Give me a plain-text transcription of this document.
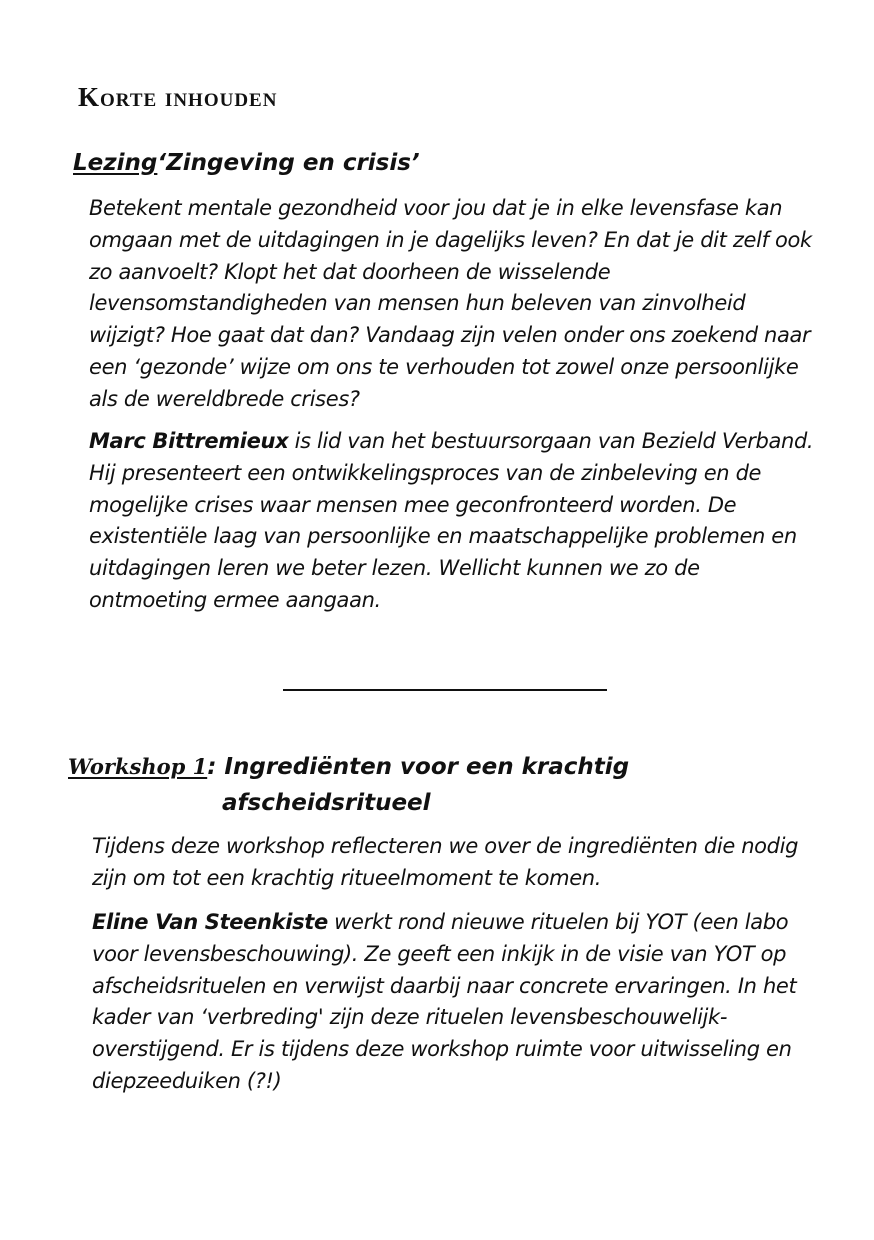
Korte inhouden
Lezing‘Zingeving en crisis’

Betekent mentale gezondheid voor jou dat je in elke levensfase kan omgaan met de uitdagingen in je dagelijks leven? En dat je dit zelf ook zo aanvoelt? Klopt het dat doorheen de wisselende levensomstandigheden van mensen hun beleven van zinvolheid wijzigt? Hoe gaat dat dan? Vandaag zijn velen onder ons zoekend naar een ‘gezonde’ wijze om ons te verhouden tot zowel onze persoonlijke als de wereldbrede crises?

Marc Bittremieux is lid van het bestuursorgaan van Bezield Verband. Hij presenteert een ontwikkelingsproces van de zinbeleving en de mogelijke crises waar mensen mee geconfronteerd worden. De existentiële laag van persoonlijke en maatschappelijke problemen en uitdagingen leren we beter lezen. Wellicht kunnen we zo de ontmoeting ermee aangaan.

Workshop 1: Ingrediënten voor een krachtig
afscheidsritueel

Tijdens deze workshop reflecteren we over de ingrediënten die nodig zijn om tot een krachtig ritueelmoment te komen.

Eline Van Steenkiste werkt rond nieuwe rituelen bij YOT (een labo voor levensbeschouwing). Ze geeft een inkijk in de visie van YOT op afscheidsrituelen en verwijst daarbij naar concrete ervaringen. In het kader van ‘verbreding' zijn deze rituelen levensbeschouwelijk-overstijgend. Er is tijdens deze workshop ruimte voor uitwisseling en diepzeeduiken (?!)
